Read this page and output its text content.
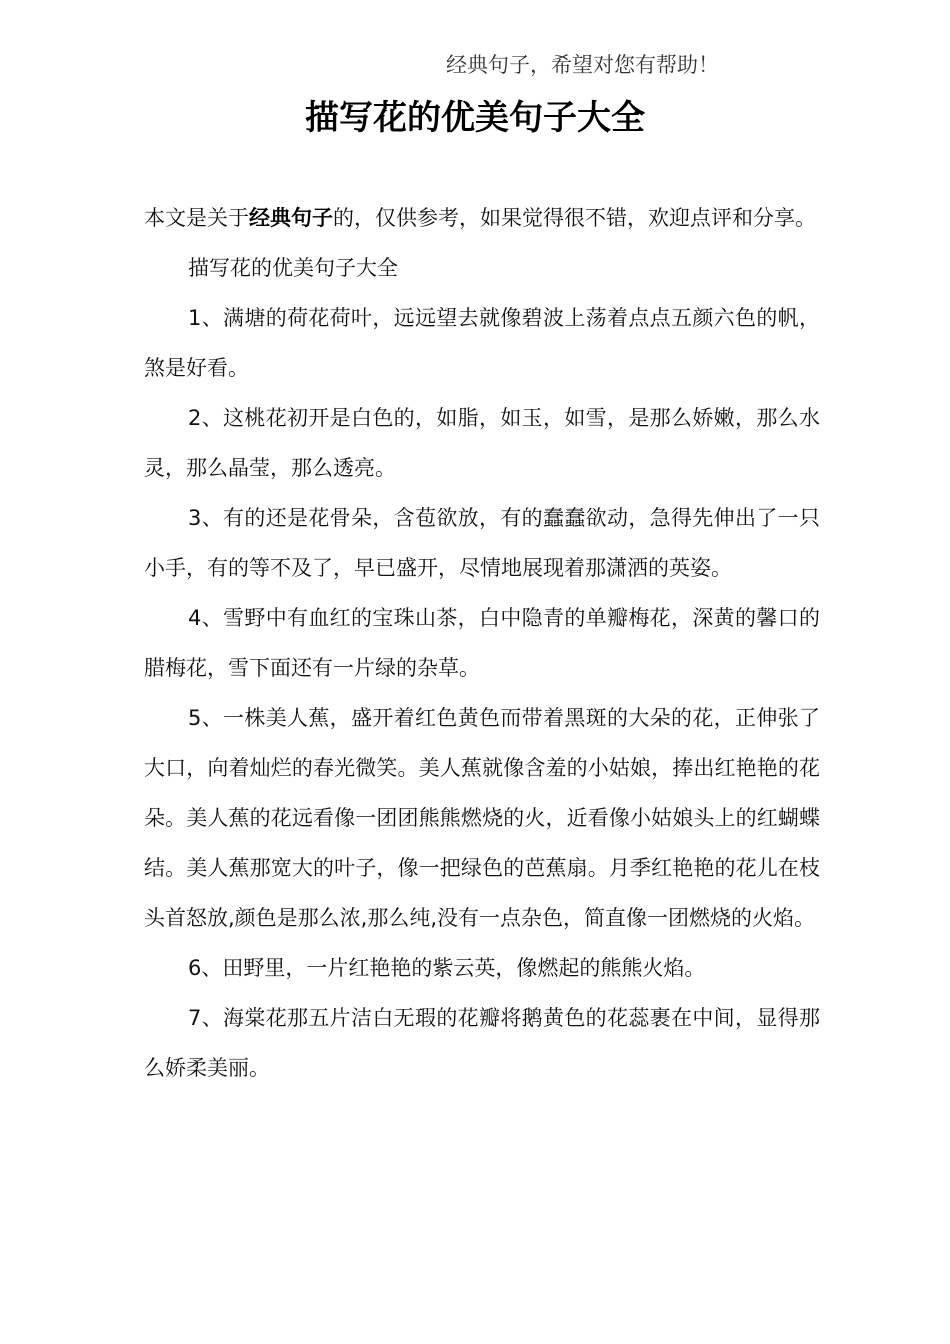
经典句子，希望对您有帮助！
描写花的优美句子大全

本文是关于经典句子的，仅供参考，如果觉得很不错，欢迎点评和分享。

描写花的优美句子大全

1、满塘的荷花荷叶，远远望去就像碧波上荡着点点五颜六色的帆，煞是好看。

2、这桃花初开是白色的，如脂，如玉，如雪，是那么娇嫩，那么水灵，那么晶莹，那么透亮。

3、有的还是花骨朵，含苞欲放，有的蠢蠢欲动，急得先伸出了一只小手，有的等不及了，早已盛开，尽情地展现着那潇洒的英姿。

4、雪野中有血红的宝珠山茶，白中隐青的单瓣梅花，深黄的馨口的腊梅花，雪下面还有一片绿的杂草。

5、一株美人蕉，盛开着红色黄色而带着黑斑的大朵的花，正伸张了大口，向着灿烂的春光微笑。美人蕉就像含羞的小姑娘，捧出红艳艳的花朵。美人蕉的花远看像一团团熊熊燃烧的火，近看像小姑娘头上的红蝴蝶结。美人蕉那宽大的叶子，像一把绿色的芭蕉扇。月季红艳艳的花儿在枝头首怒放,颜色是那么浓,那么纯,没有一点杂色，简直像一团燃烧的火焰。

6、田野里，一片红艳艳的紫云英，像燃起的熊熊火焰。

7、海棠花那五片洁白无瑕的花瓣将鹅黄色的花蕊裹在中间，显得那么娇柔美丽。
